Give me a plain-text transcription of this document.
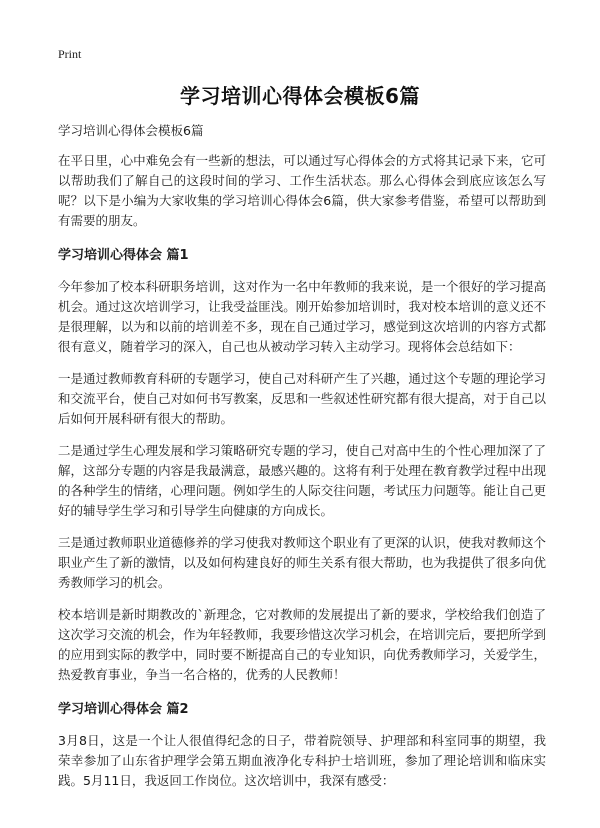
Print
学习培训心得体会模板6篇
学习培训心得体会模板6篇

在平日里，心中难免会有一些新的想法，可以通过写心得体会的方式将其记录下来，它可以帮助我们了解自己的这段时间的学习、工作生活状态。那么心得体会到底应该怎么写呢？以下是小编为大家收集的学习培训心得体会6篇，供大家参考借鉴，希望可以帮助到有需要的朋友。

学习培训心得体会 篇1

今年参加了校本科研职务培训，这对作为一名中年教师的我来说，是一个很好的学习提高机会。通过这次培训学习，让我受益匪浅。刚开始参加培训时，我对校本培训的意义还不是很理解，以为和以前的培训差不多，现在自己通过学习，感觉到这次培训的内容方式都很有意义，随着学习的深入，自己也从被动学习转入主动学习。现将体会总结如下：

一是通过教师教育科研的专题学习，使自己对科研产生了兴趣，通过这个专题的理论学习和交流平台，使自己对如何书写教案，反思和一些叙述性研究都有很大提高，对于自己以后如何开展科研有很大的帮助。

二是通过学生心理发展和学习策略研究专题的学习，使自己对高中生的个性心理加深了了解，这部分专题的内容是我最满意，最感兴趣的。这将有利于处理在教育教学过程中出现的各种学生的情绪，心理问题。例如学生的人际交往问题，考试压力问题等。能让自己更好的辅导学生学习和引导学生向健康的方向成长。

三是通过教师职业道德修养的学习使我对教师这个职业有了更深的认识，使我对教师这个职业产生了新的激情，以及如何构建良好的师生关系有很大帮助，也为我提供了很多向优秀教师学习的机会。

校本培训是新时期教改的`新理念，它对教师的发展提出了新的要求，学校给我们创造了这次学习交流的机会，作为年轻教师，我要珍惜这次学习机会，在培训完后，要把所学到的应用到实际的教学中，同时要不断提高自己的专业知识，向优秀教师学习，关爱学生，热爱教育事业，争当一名合格的，优秀的人民教师！

学习培训心得体会 篇2

3月8日，这是一个让人很值得纪念的日子，带着院领导、护理部和科室同事的期望，我荣幸参加了山东省护理学会第五期血液净化专科护士培训班，参加了理论培训和临床实践。5月11日，我返回工作岗位。这次培训中，我深有感受：
